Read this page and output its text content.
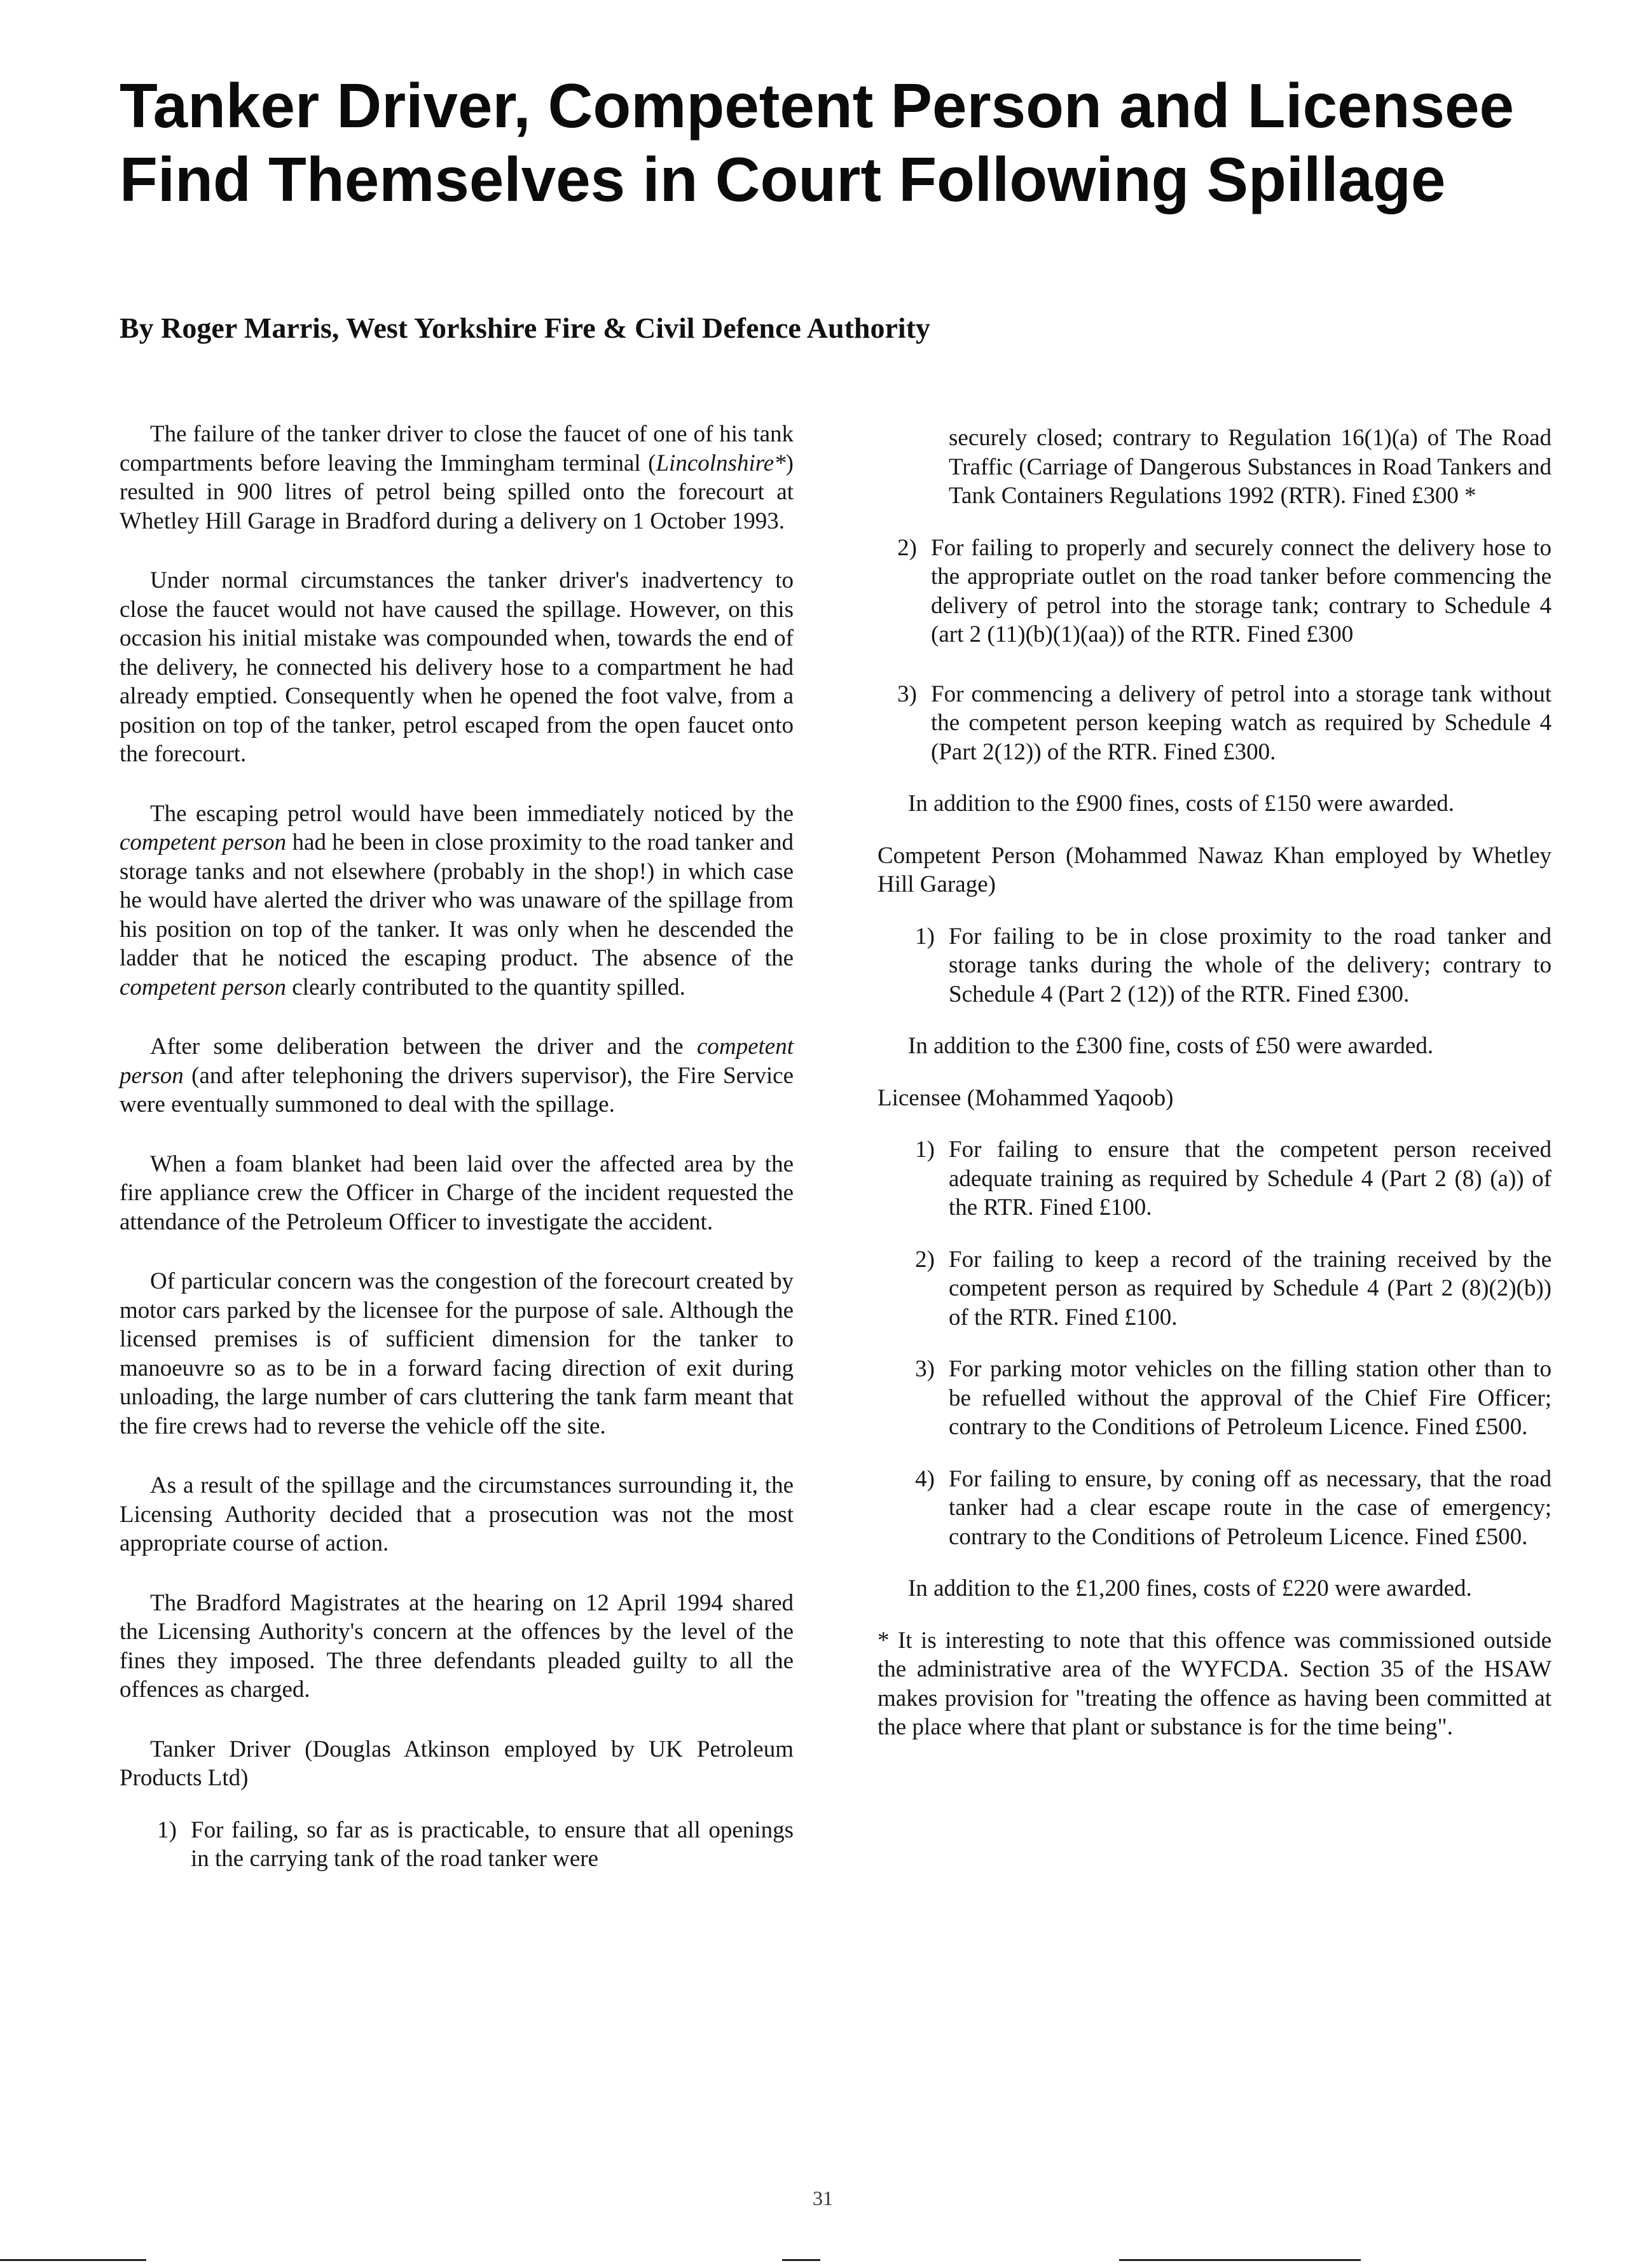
Tanker Driver, Competent Person and Licensee Find Themselves in Court Following Spillage
By Roger Marris, West Yorkshire Fire & Civil Defence Authority

The failure of the tanker driver to close the faucet of one of his tank compartments before leaving the Immingham terminal (Lincolnshire*) resulted in 900 litres of petrol being spilled onto the forecourt at Whetley Hill Garage in Bradford during a delivery on 1 October 1993.

Under normal circumstances the tanker driver's inadvertency to close the faucet would not have caused the spillage. However, on this occasion his initial mistake was compounded when, towards the end of the delivery, he connected his delivery hose to a compartment he had already emptied. Consequently when he opened the foot valve, from a position on top of the tanker, petrol escaped from the open faucet onto the forecourt.

The escaping petrol would have been immediately noticed by the competent person had he been in close proximity to the road tanker and storage tanks and not elsewhere (probably in the shop!) in which case he would have alerted the driver who was unaware of the spillage from his position on top of the tanker. It was only when he descended the ladder that he noticed the escaping product. The absence of the competent person clearly contributed to the quantity spilled.

After some deliberation between the driver and the competent person (and after telephoning the drivers supervisor), the Fire Service were eventually summoned to deal with the spillage.

When a foam blanket had been laid over the affected area by the fire appliance crew the Officer in Charge of the incident requested the attendance of the Petroleum Officer to investigate the accident.

Of particular concern was the congestion of the forecourt created by motor cars parked by the licensee for the purpose of sale. Although the licensed premises is of sufficient dimension for the tanker to manoeuvre so as to be in a forward facing direction of exit during unloading, the large number of cars cluttering the tank farm meant that the fire crews had to reverse the vehicle off the site.

As a result of the spillage and the circumstances surrounding it, the Licensing Authority decided that a prosecution was not the most appropriate course of action.

The Bradford Magistrates at the hearing on 12 April 1994 shared the Licensing Authority's concern at the offences by the level of the fines they imposed. The three defendants pleaded guilty to all the offences as charged.

Tanker Driver (Douglas Atkinson employed by UK Petroleum Products Ltd)

1) For failing, so far as is practicable, to ensure that all openings in the carrying tank of the road tanker were
securely closed; contrary to Regulation 16(1)(a) of The Road Traffic (Carriage of Dangerous Substances in Road Tankers and Tank Containers Regulations 1992 (RTR). Fined £300 *
2) For failing to properly and securely connect the delivery hose to the appropriate outlet on the road tanker before commencing the delivery of petrol into the storage tank; contrary to Schedule 4 (art 2 (11)(b)(1)(aa)) of the RTR. Fined £300
3) For commencing a delivery of petrol into a storage tank without the competent person keeping watch as required by Schedule 4 (Part 2(12)) of the RTR. Fined £300.

In addition to the £900 fines, costs of £150 were awarded.

Competent Person (Mohammed Nawaz Khan employed by Whetley Hill Garage)

1) For failing to be in close proximity to the road tanker and storage tanks during the whole of the delivery; contrary to Schedule 4 (Part 2 (12)) of the RTR. Fined £300.

In addition to the £300 fine, costs of £50 were awarded.

Licensee (Mohammed Yaqoob)

1) For failing to ensure that the competent person received adequate training as required by Schedule 4 (Part 2 (8) (a)) of the RTR. Fined £100.
2) For failing to keep a record of the training received by the competent person as required by Schedule 4 (Part 2 (8)(2)(b)) of the RTR. Fined £100.
3) For parking motor vehicles on the filling station other than to be refuelled without the approval of the Chief Fire Officer; contrary to the Conditions of Petroleum Licence. Fined £500.
4) For failing to ensure, by coning off as necessary, that the road tanker had a clear escape route in the case of emergency; contrary to the Conditions of Petroleum Licence. Fined £500.

In addition to the £1,200 fines, costs of £220 were awarded.

* It is interesting to note that this offence was commissioned outside the administrative area of the WYFCDA. Section 35 of the HSAW makes provision for "treating the offence as having been committed at the place where that plant or substance is for the time being".

31
